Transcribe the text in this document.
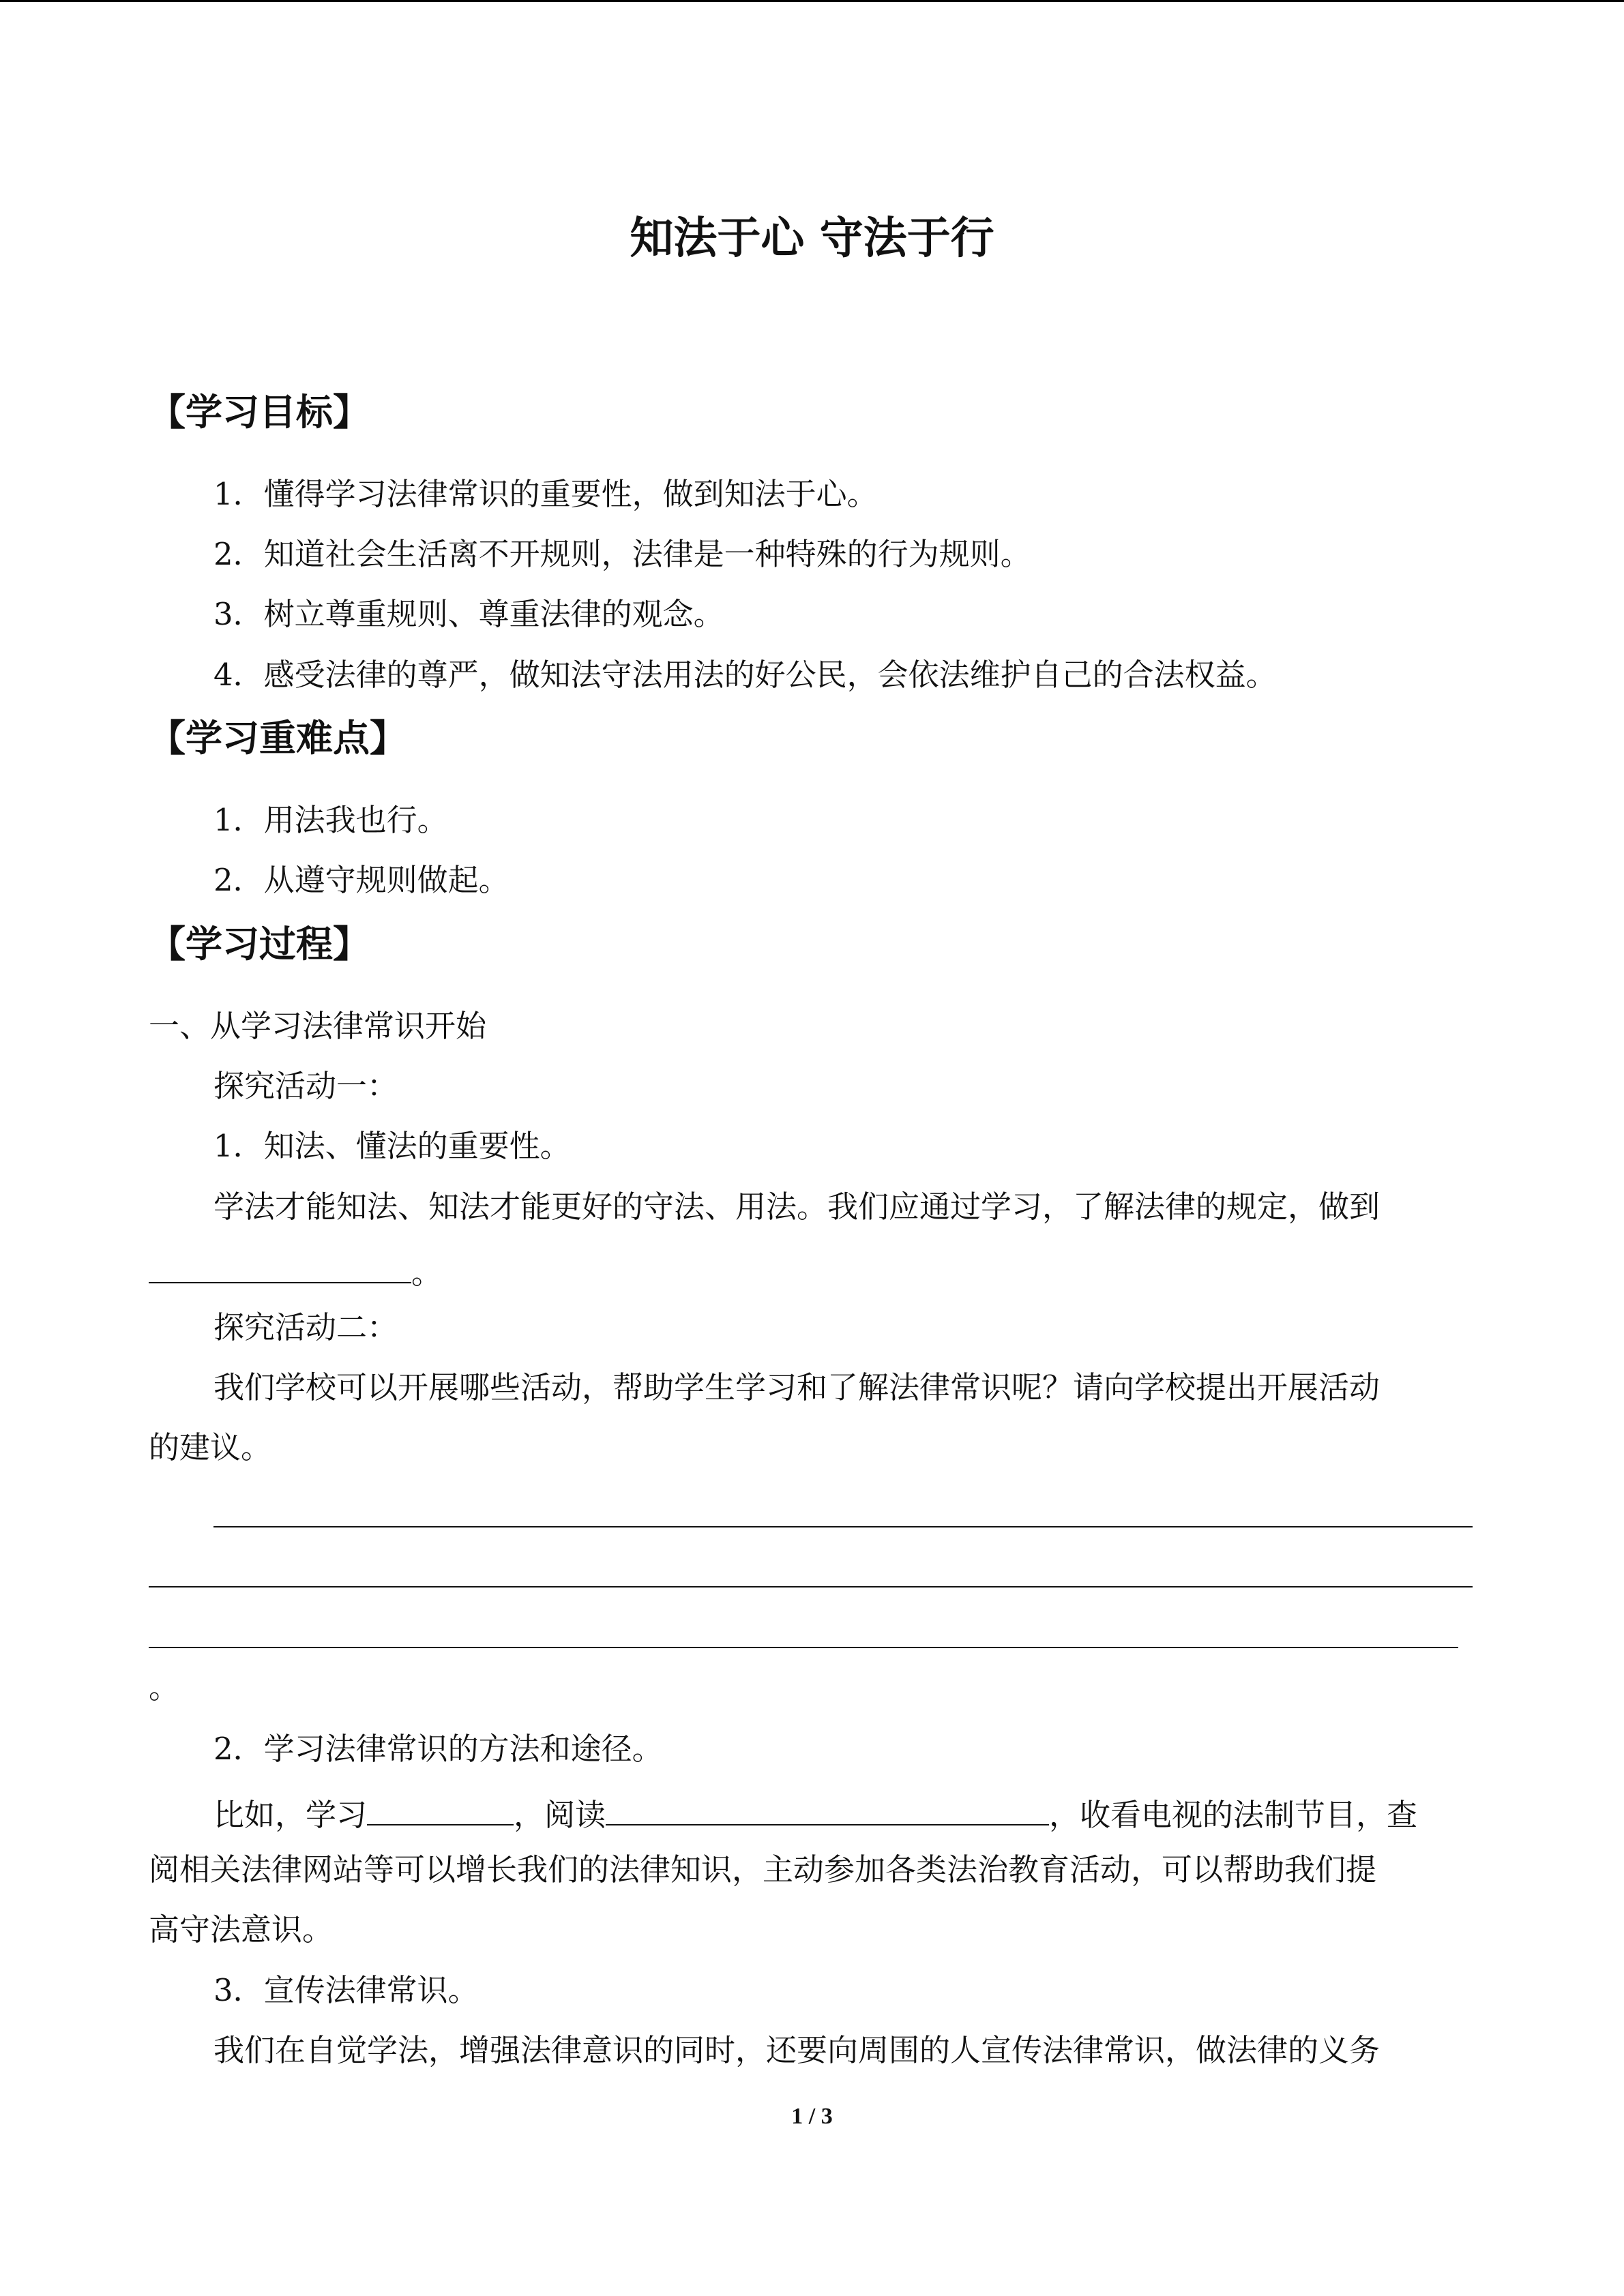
知法于心 守法于行
【学习目标】
1．懂得学习法律常识的重要性，做到知法于心。
2．知道社会生活离不开规则，法律是一种特殊的行为规则。
3．树立尊重规则、尊重法律的观念。
4．感受法律的尊严，做知法守法用法的好公民，会依法维护自己的合法权益。
【学习重难点】
1．用法我也行。
2．从遵守规则做起。
【学习过程】
一、从学习法律常识开始
探究活动一：
1．知法、懂法的重要性。
学法才能知法、知法才能更好的守法、用法。我们应通过学习，了解法律的规定，做到
。
探究活动二：
我们学校可以开展哪些活动，帮助学生学习和了解法律常识呢？请向学校提出开展活动
的建议。
。
2．学习法律常识的方法和途径。
比如，学习	，阅读	，收看电视的法制节目，查
阅相关法律网站等可以增长我们的法律知识，主动参加各类法治教育活动，可以帮助我们提
高守法意识。
3．宣传法律常识。
我们在自觉学法，增强法律意识的同时，还要向周围的人宣传法律常识，做法律的义务
1 / 3
